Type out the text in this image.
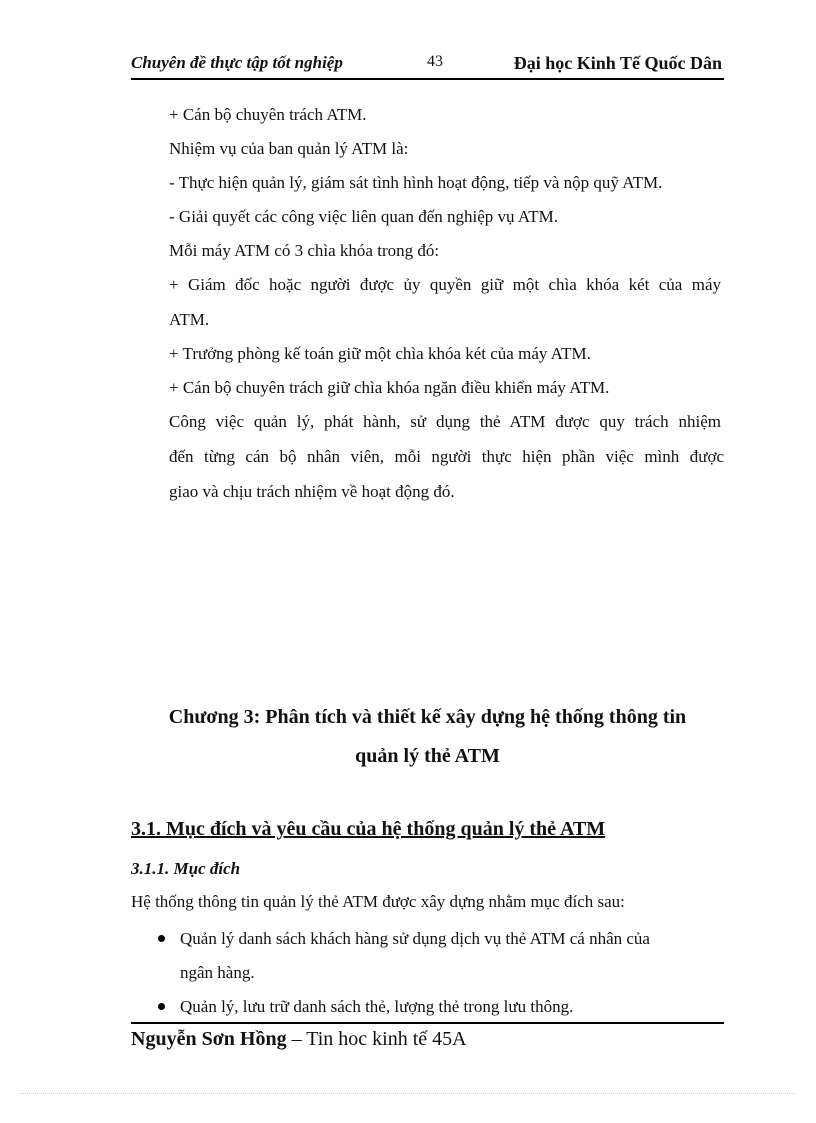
Chuyên đề thực tập tốt nghiệp	43	Đại học Kinh Tế Quốc Dân
+ Cán bộ chuyên trách ATM.
Nhiệm vụ của ban quản lý ATM là:
- Thực hiện quản lý, giám sát tình hình hoạt động, tiếp và nộp quỹ ATM.
- Giải quyết các công việc liên quan đến nghiệp vụ ATM.
Mỗi máy ATM có 3 chìa khóa trong đó:
+ Giám đốc hoặc người được ủy quyền giữ một chìa khóa két của máy
ATM.
+ Trưởng phòng kế toán giữ một chìa khóa két của máy ATM.
+ Cán bộ chuyên trách giữ chìa khóa ngăn điều khiển máy ATM.
Công việc quản lý, phát hành, sử dụng thẻ ATM được quy trách nhiệm
đến từng cán bộ nhân viên, mỗi người thực hiện phần việc mình được
giao và chịu trách nhiệm về hoạt động đó.
Chương 3: Phân tích và thiết kế xây dựng hệ thống thông tin
quản lý thẻ ATM
3.1. Mục đích và yêu cầu của hệ thống quản lý thẻ ATM
3.1.1. Mục đích
Hệ thống thông tin quản lý thẻ ATM được xây dựng nhằm mục đích sau:
Quản lý danh sách khách hàng sử dụng dịch vụ thẻ ATM cá nhân của
ngân hàng.
Quản lý, lưu trữ danh sách thẻ, lượng thẻ trong lưu thông.
Nguyễn Sơn Hồng – Tin hoc kinh tế 45A
